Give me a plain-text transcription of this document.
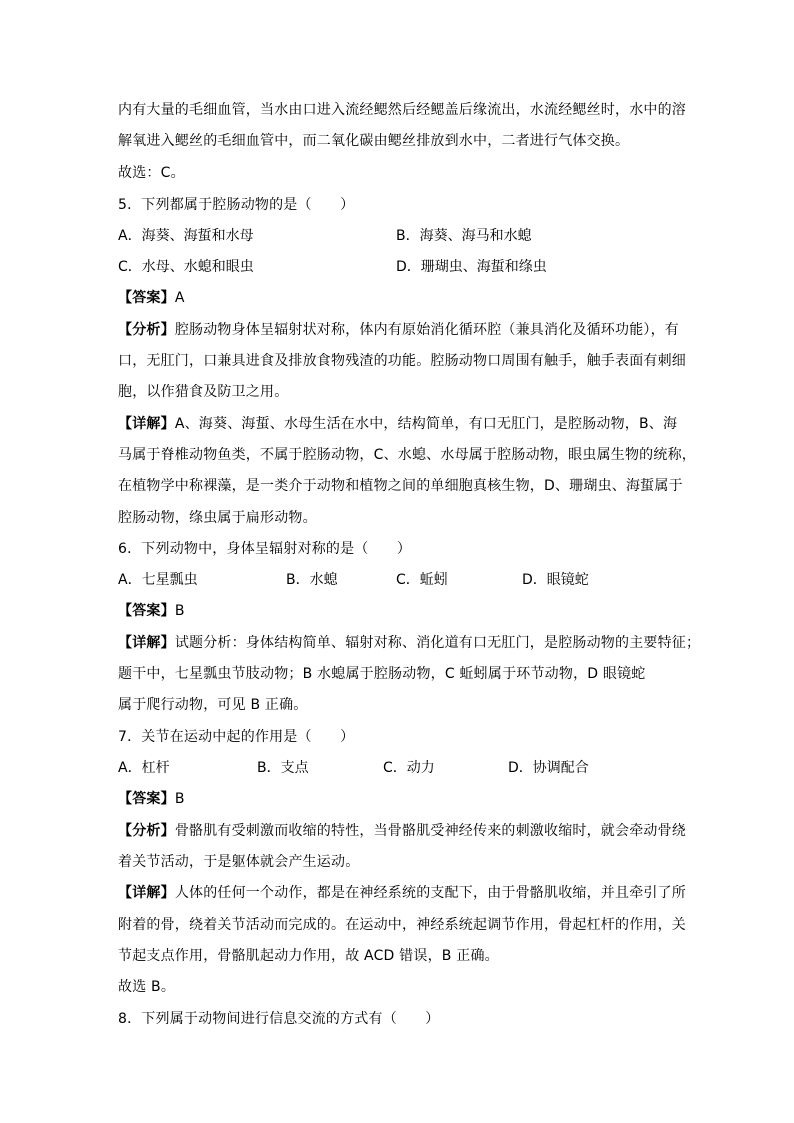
内有大量的毛细血管，当水由口进入流经鳃然后经鳃盖后缘流出，水流经鳃丝时，水中的溶
解氧进入鳃丝的毛细血管中，而二氧化碳由鳃丝排放到水中，二者进行气体交换。
故选：C。
5．下列都属于腔肠动物的是（　　）
A．海葵、海蜇和水母	B．海葵、海马和水螅
C．水母、水螅和眼虫	D．珊瑚虫、海蜇和绦虫
【答案】A
【分析】腔肠动物身体呈辐射状对称，体内有原始消化循环腔（兼具消化及循环功能），有
口，无肛门，口兼具进食及排放食物残渣的功能。腔肠动物口周围有触手，触手表面有刺细
胞，以作猎食及防卫之用。
【详解】A、海葵、海蜇、水母生活在水中，结构简单，有口无肛门，是腔肠动物，B、海
马属于脊椎动物鱼类，不属于腔肠动物，C、水螅、水母属于腔肠动物，眼虫属生物的统称，
在植物学中称裸藻，是一类介于动物和植物之间的单细胞真核生物，D、珊瑚虫、海蜇属于
腔肠动物，绦虫属于扁形动物。
6．下列动物中，身体呈辐射对称的是（　　）
A．七星瓢虫	B．水螅	C．蚯蚓	D．眼镜蛇
【答案】B
【详解】试题分析：身体结构简单、辐射对称、消化道有口无肛门，是腔肠动物的主要特征；
题干中，七星瓢虫节肢动物；B 水螅属于腔肠动物，C 蚯蚓属于环节动物，D 眼镜蛇
属于爬行动物，可见 B 正确。
7．关节在运动中起的作用是（　　）
A．杠杆	B．支点	C．动力	D．协调配合
【答案】B
【分析】骨骼肌有受刺激而收缩的特性，当骨骼肌受神经传来的刺激收缩时，就会牵动骨绕
着关节活动，于是躯体就会产生运动。
【详解】人体的任何一个动作，都是在神经系统的支配下，由于骨骼肌收缩，并且牵引了所
附着的骨，绕着关节活动而完成的。在运动中，神经系统起调节作用，骨起杠杆的作用，关
节起支点作用，骨骼肌起动力作用，故 ACD 错误，B 正确。
故选 B。
8．下列属于动物间进行信息交流的方式有（　　）
